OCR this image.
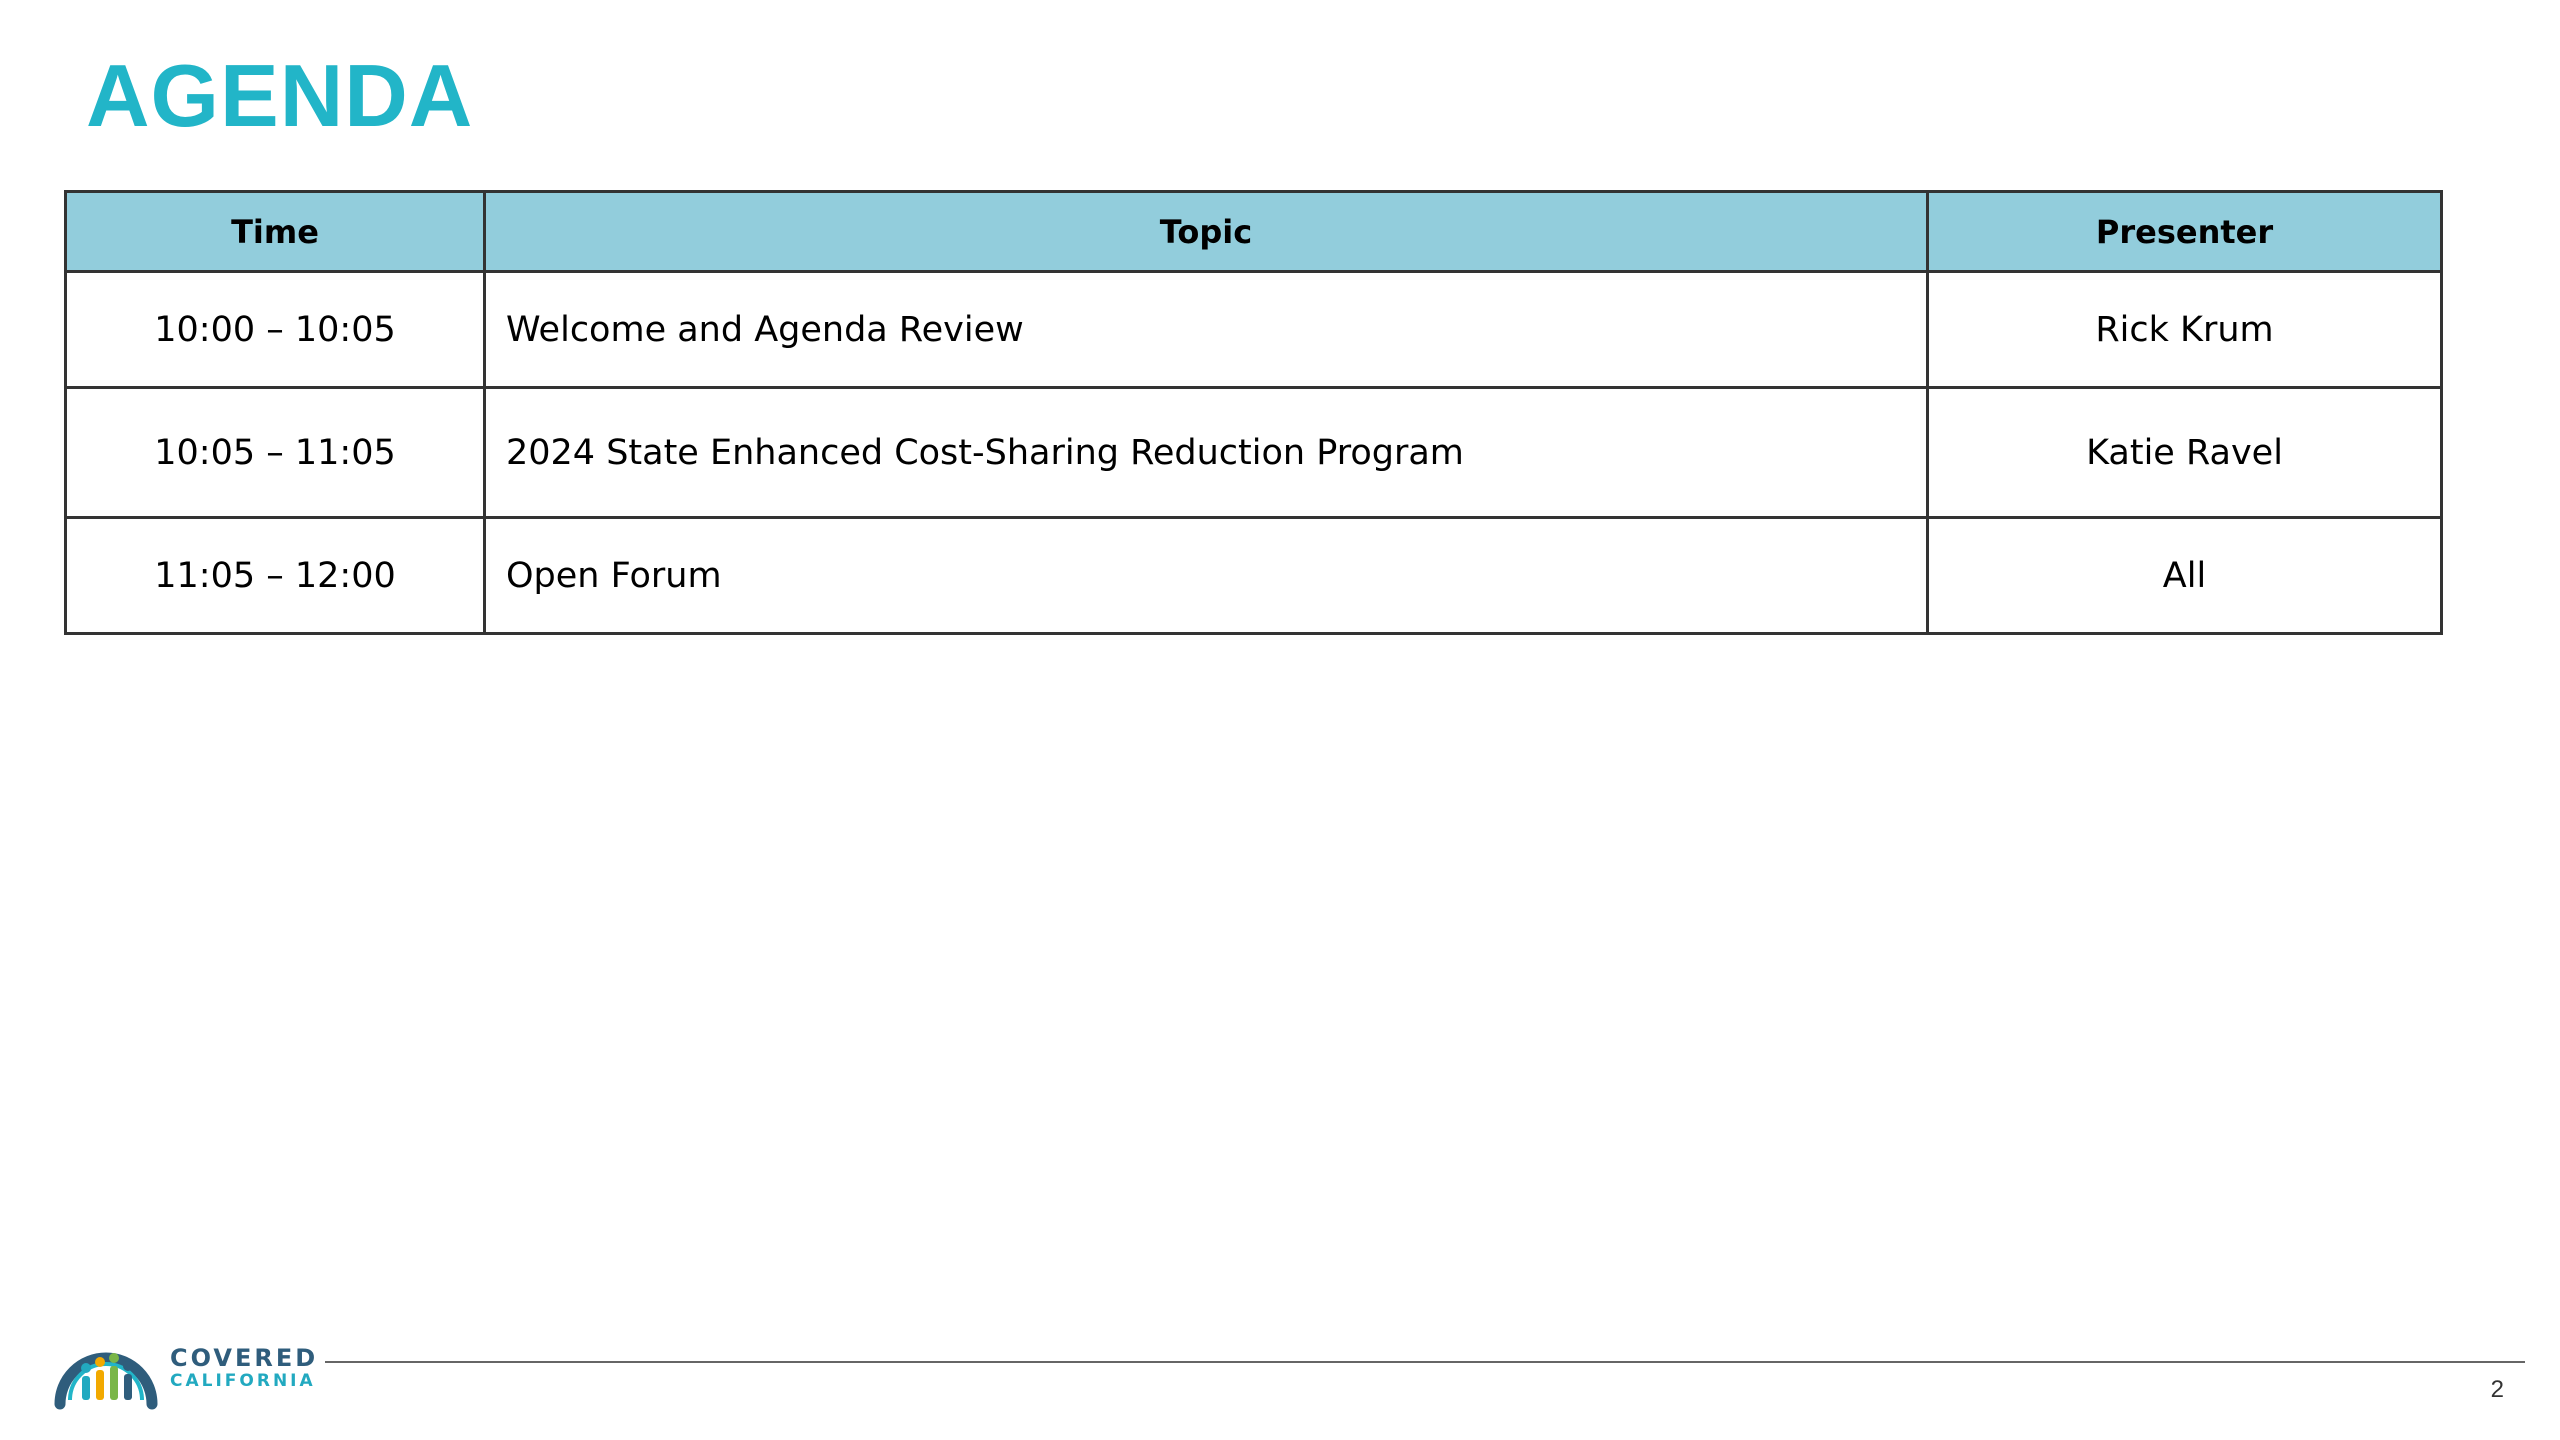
AGENDA
Time	Topic	Presenter
10:00 – 10:05	Welcome and Agenda Review	Rick Krum
10:05 – 11:05	2024 State Enhanced Cost-Sharing Reduction Program	Katie Ravel
11:05 – 12:00	Open Forum	All
COVERED
CALIFORNIA	2
